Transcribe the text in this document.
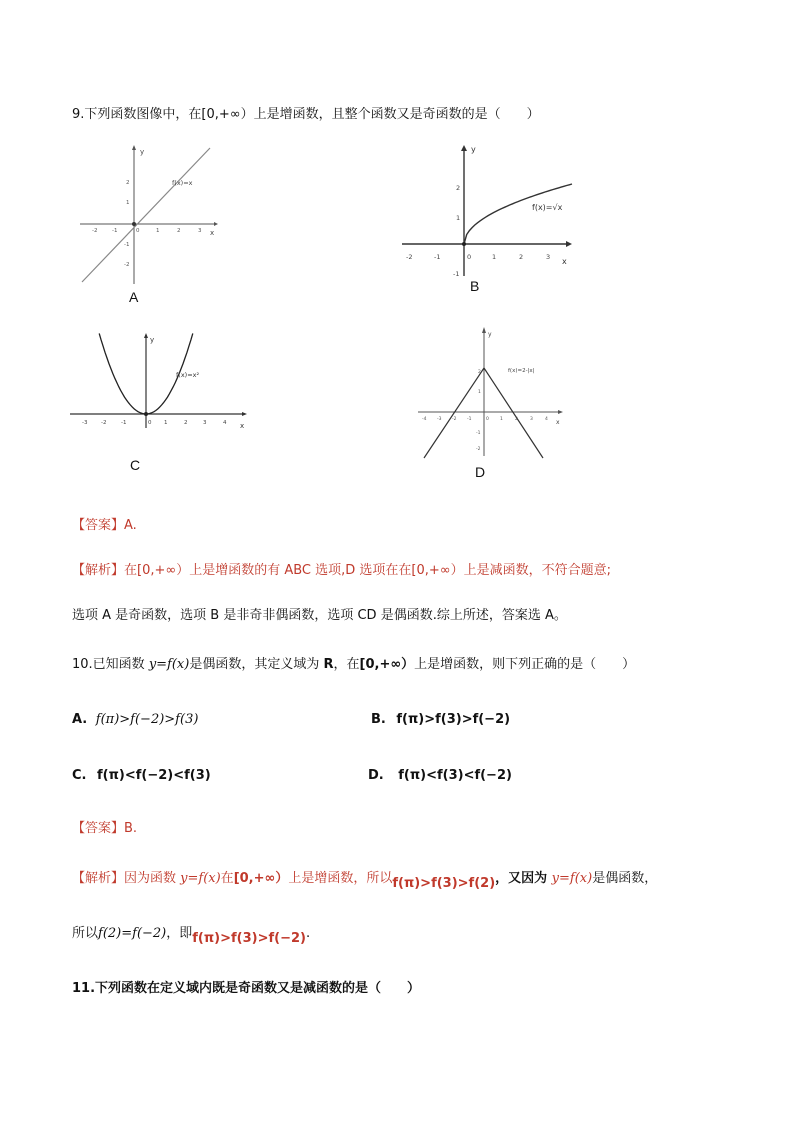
9.下列函数图像中，在[0,+∞）上是增函数，且整个函数又是奇函数的是（　　）
y
x
f(x)=x
-2	-1	0	1	2	3
2
1
-1
-2
A
y
x
f(x)=√x
-2	-1	0	1	2	3
2
1
-1
B
y
x
f(x)=x²
-3 -2	-1	0 1	2	3	4
C
y
x
f(x)=2-|x|
-4 -3 -2 -1	0 1	2	3	4
2
1
-1
-2
D
【答案】A.
【解析】在[0,+∞）上是增函数的有 ABC 选项,D 选项在在[0,+∞）上是减函数，不符合题意;
选项 A 是奇函数，选项 B 是非奇非偶函数，选项 CD 是偶函数.综上所述，答案选 A。
10.已知函数 y=f(x)是偶函数，其定义域为 R，在[0,+∞）上是增函数，则下列正确的是（　　）
A. f(π)>f(−2)>f(3)	B. f(π)>f(3)>f(−2)
C. f(π)<f(−2)<f(3)	D. f(π)<f(3)<f(−2)
【答案】B.
【解析】因为函数 y=f(x)在[0,+∞）上是增函数，所以f(π)>f(3)>f(2)，又因为 y=f(x)是偶函数，
所以f(2)=f(−2)，即f(π)>f(3)>f(−2).
11.下列函数在定义域内既是奇函数又是减函数的是（　　）
